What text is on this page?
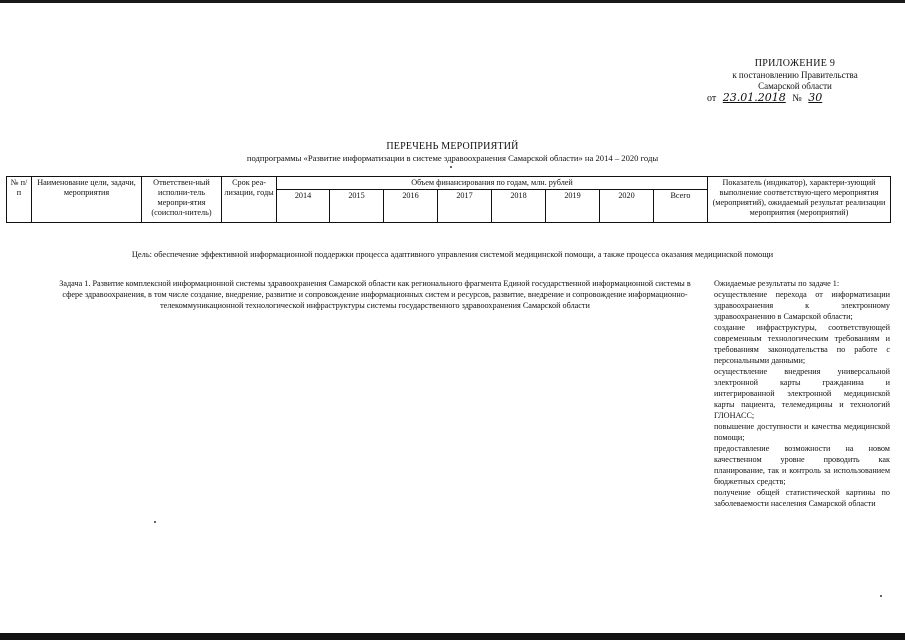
ПРИЛОЖЕНИЕ 9
к постановлению Правительства
Самарской области
от 23.01.2018 № 30
ПЕРЕЧЕНЬ МЕРОПРИЯТИЙ
подпрограммы «Развитие информатизации в системе здравоохранения Самарской области» на 2014 – 2020 годы
№ п/п	Наименование цели, задачи, мероприятия	Ответствен-ный исполни-тель меропри-ятия (соиспол-нитель)	Срок реа-лизации, годы	Объем финансирования по годам, млн. рублей								Показатель (индикатор), характери-зующий выполнение соответствую-щего мероприятия (мероприятий), ожидаемый результат реализации мероприятия (мероприятий)
				2014	2015	2016	2017	2018	2019	2020	Всего	
Цель: обеспечение эффективной информационной поддержки процесса адаптивного управления системой медицинской помощи, а также процесса оказания медицинской помощи
Задача 1. Развитие комплексной информационной системы здравоохранения Самарской области как регионального фрагмента Единой государственной информационной системы в сфере здравоохранения, в том числе создание, внедрение, развитие и сопровождение информационных систем и ресурсов, развитие, внедрение и сопровождение информационно-телекоммуникационной технологической инфраструктуры системы государственного здравоохранения Самарской области

Ожидаемые результаты по задаче 1:

осуществление перехода от информатизации здравоохранения к электронному здравоохранению в Самарской области;

создание инфраструктуры, соответствующей современным технологическим требованиям и требованиям законодательства по работе с персональными данными;

осуществление внедрения универсальной электронной карты гражданина и интегрированной электронной медицинской карты пациента, телемедицины и технологий ГЛОНАСС;

повышение доступности и качества медицинской помощи;

предоставление возможности на новом качественном уровне проводить как планирование, так и контроль за использованием бюджетных средств;

получение общей статистической картины по заболеваемости населения Самарской области
